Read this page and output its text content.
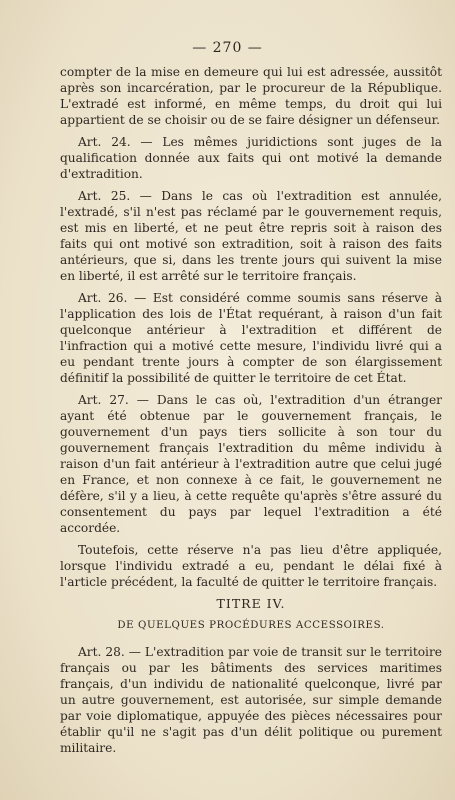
— 270 —

compter de la mise en demeure qui lui est adressée, aussitôt après son incarcération, par le procureur de la République. L'extradé est informé, en même temps, du droit qui lui appartient de se choisir ou de se faire désigner un défenseur.

Art. 24. — Les mêmes juridictions sont juges de la qualification donnée aux faits qui ont motivé la demande d'extradition.

Art. 25. — Dans le cas où l'extradition est annulée, l'extradé, s'il n'est pas réclamé par le gouvernement requis, est mis en liberté, et ne peut être repris soit à raison des faits qui ont motivé son extradition, soit à raison des faits antérieurs, que si, dans les trente jours qui suivent la mise en liberté, il est arrêté sur le territoire français.

Art. 26. — Est considéré comme soumis sans réserve à l'application des lois de l'État requérant, à raison d'un fait quelconque antérieur à l'extradition et différent de l'infraction qui a motivé cette mesure, l'individu livré qui a eu pendant trente jours à compter de son élargissement définitif la possibilité de quitter le territoire de cet État.

Art. 27. — Dans le cas où, l'extradition d'un étranger ayant été obtenue par le gouvernement français, le gouvernement d'un pays tiers sollicite à son tour du gouvernement français l'extradition du même individu à raison d'un fait antérieur à l'extradition autre que celui jugé en France, et non connexe à ce fait, le gouvernement ne défère, s'il y a lieu, à cette requête qu'après s'être assuré du consentement du pays par lequel l'extradition a été accordée.

Toutefois, cette réserve n'a pas lieu d'être appliquée, lorsque l'individu extradé a eu, pendant le délai fixé à l'article précédent, la faculté de quitter le territoire français.

TITRE IV.
DE QUELQUES PROCÉDURES ACCESSOIRES.

Art. 28. — L'extradition par voie de transit sur le territoire français ou par les bâtiments des services maritimes français, d'un individu de nationalité quelconque, livré par un autre gouvernement, est autorisée, sur simple demande par voie diplomatique, appuyée des pièces nécessaires pour établir qu'il ne s'agit pas d'un délit politique ou purement militaire.
